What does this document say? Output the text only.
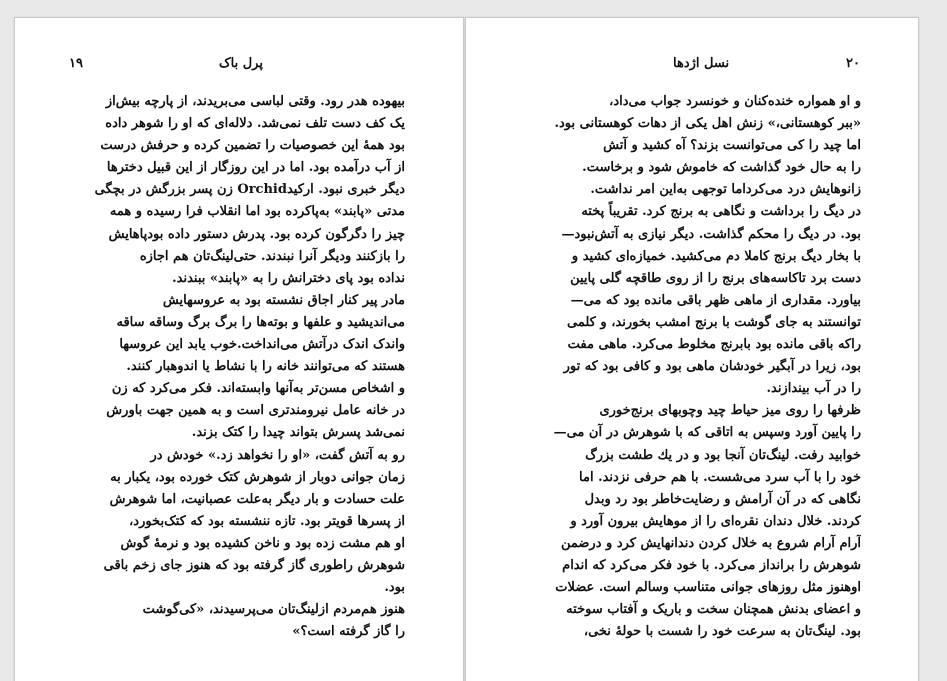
۱۹	پرل باک
بیهوده هدر رود. وقتی لباسی می‌بریدند، از پارچه بیش‌از
یک کف دست تلف نمی‌شد. دلاله‌ای که او را شوهر داده
بود همهٔ این خصوصیات را تضمین کرده و حرفش درست
از آب درآمده بود. اما در این روزگار از این قبیل دخترها
دیگر خبری نبود. ارکیدOrchid زن پسر بزرگش در بچگی
مدتی «پابند» به‌پاکرده بود اما انقلاب فرا رسیده و همه
چیز را دگرگون کرده بود. پدرش دستور داده بودپاهایش
را بازکنند ودیگر آنرا نبندند. حتی‌لینگ‌تان هم اجازه
نداده بود پای دخترانش را به «پابند» ببندند.
مادر پیر کنار اجاق نشسته بود به عروسهایش
می‌اندیشید و علفها و بوته‌ها را برگ برگ وساقه ساقه
واندک اندک درآتش می‌انداخت.خوب یابد این عروسها
هستند که می‌توانند خانه را با نشاط یا اندوهبار کنند.
و اشخاص مسن‌تر به‌آنها وابسته‌اند. فکر می‌کرد که زن
در خانه عامل نیرومندتری است و به همین جهت باورش
نمی‌شد پسرش بتواند چیدا را کتک بزند.
رو به آتش گفت، «او را نخواهد زد.» خودش در
زمان جوانی دوبار از شوهرش کتک خورده بود، یکبار به
علت حسادت و بار دیگر به‌علت عصبانیت، اما شوهرش
از پسرها قویتر بود. تازه ننشسته بود که کتک‌بخورد،
او هم مشت زده بود و ناخن کشیده بود و نرمهٔ گوش
شوهرش راطوری گاز گرفته بود که هنوز جای زخم باقی
بود.
هنوز هم‌مردم ازلینگ‌تان می‌پرسیدند، «کی‌گوشت
را گاز گرفته است؟»
۲۰
نسل اژدها
و او همواره خنده‌کنان و خونسرد جواب می‌داد،
«ببر کوهستانی،» زنش اهل یکی از دهات کوهستانی بود.
اما چید را کی می‌توانست بزند؟ آه کشید و آتش
را به حال خود گذاشت که خاموش شود و برخاست.
زانوهایش درد می‌کرداما توجهی به‌این امر نداشت.
در دیگ را برداشت و نگاهی به برنج کرد. تقریباً پخته
بود. در دیگ را محکم گذاشت. دیگر نیازی به آتش‌نبود—
با بخار دیگ برنج کاملا دم می‌کشید. خمیازه‌ای کشید و
دست برد تاکاسه‌های برنج را از روی طاقچه گلی پایین
بیاورد. مقداری از ماهی ظهر باقی مانده بود که می—
توانستند به جای گوشت با برنج امشب بخورند، و کلمی
راکه باقی مانده بود بابرنج مخلوط می‌کرد. ماهی مفت
بود، زیرا در آبگیر خودشان ماهی بود و کافی بود که تور
را در آب بیندازند.
ظرفها را روی میز حیاط چید وچوبهای برنج‌خوری
را پایین آورد وسپس به اتاقی که با شوهرش در آن می—
خوابید رفت. لینگ‌تان آنجا بود و در یك طشت بزرگ
خود را با آب سرد می‌شست. با هم حرفی نزدند. اما
نگاهی که در آن آرامش و رضایت‌خاطر بود رد وبدل
کردند. خلال دندان نقره‌ای را از موهایش بیرون آورد و
آرام آرام شروع به خلال کردن دندانهایش کرد و درضمن
شوهرش را برانداز می‌کرد. با خود فکر می‌کرد که اندام
اوهنوز مثل روزهای جوانی متناسب وسالم است. عضلات
و اعضای بدنش همچنان سخت و باریک و آفتاب سوخته
بود. لینگ‌تان به سرعت خود را شست با حولهٔ نخی،
